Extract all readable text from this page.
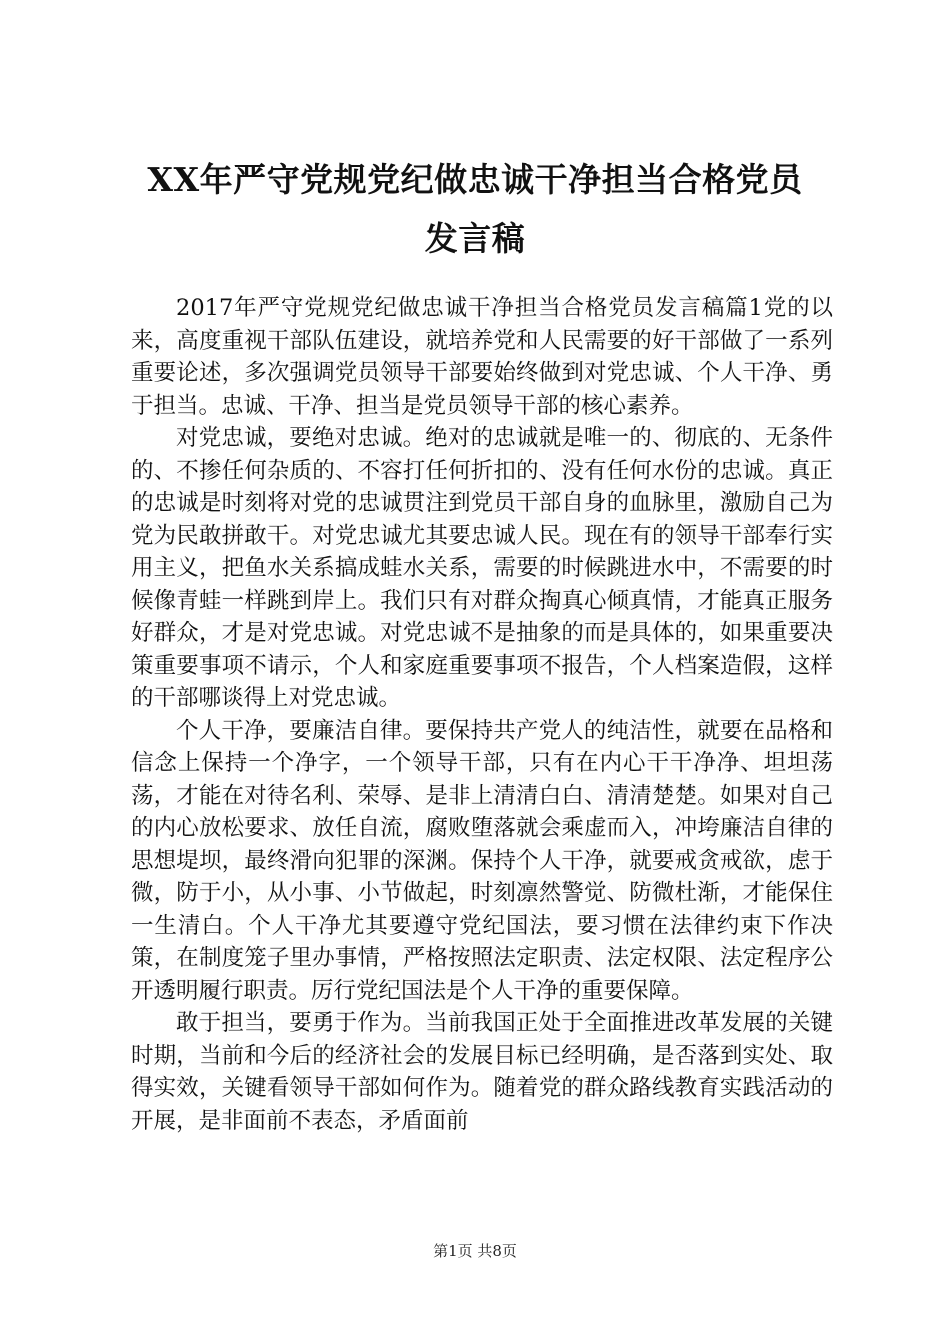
XX年严守党规党纪做忠诚干净担当合格党员
发言稿

2017年严守党规党纪做忠诚干净担当合格党员发言稿篇1党的以来，高度重视干部队伍建设，就培养党和人民需要的好干部做了一系列重要论述，多次强调党员领导干部要始终做到对党忠诚、个人干净、勇于担当。忠诚、干净、担当是党员领导干部的核心素养。

对党忠诚，要绝对忠诚。绝对的忠诚就是唯一的、彻底的、无条件的、不掺任何杂质的、不容打任何折扣的、没有任何水份的忠诚。真正的忠诚是时刻将对党的忠诚贯注到党员干部自身的血脉里，激励自己为党为民敢拼敢干。对党忠诚尤其要忠诚人民。现在有的领导干部奉行实用主义，把鱼水关系搞成蛙水关系，需要的时候跳进水中，不需要的时候像青蛙一样跳到岸上。我们只有对群众掏真心倾真情，才能真正服务好群众，才是对党忠诚。对党忠诚不是抽象的而是具体的，如果重要决策重要事项不请示，个人和家庭重要事项不报告，个人档案造假，这样的干部哪谈得上对党忠诚。

个人干净，要廉洁自律。要保持共产党人的纯洁性，就要在品格和信念上保持一个净字，一个领导干部，只有在内心干干净净、坦坦荡荡，才能在对待名利、荣辱、是非上清清白白、清清楚楚。如果对自己的内心放松要求、放任自流，腐败堕落就会乘虚而入，冲垮廉洁自律的思想堤坝，最终滑向犯罪的深渊。保持个人干净，就要戒贪戒欲，虑于微，防于小，从小事、小节做起，时刻凛然警觉、防微杜渐，才能保住一生清白。个人干净尤其要遵守党纪国法，要习惯在法律约束下作决策，在制度笼子里办事情，严格按照法定职责、法定权限、法定程序公开透明履行职责。厉行党纪国法是个人干净的重要保障。

敢于担当，要勇于作为。当前我国正处于全面推进改革发展的关键时期，当前和今后的经济社会的发展目标已经明确，是否落到实处、取得实效，关键看领导干部如何作为。随着党的群众路线教育实践活动的开展，是非面前不表态，矛盾面前

第1页 共8页
